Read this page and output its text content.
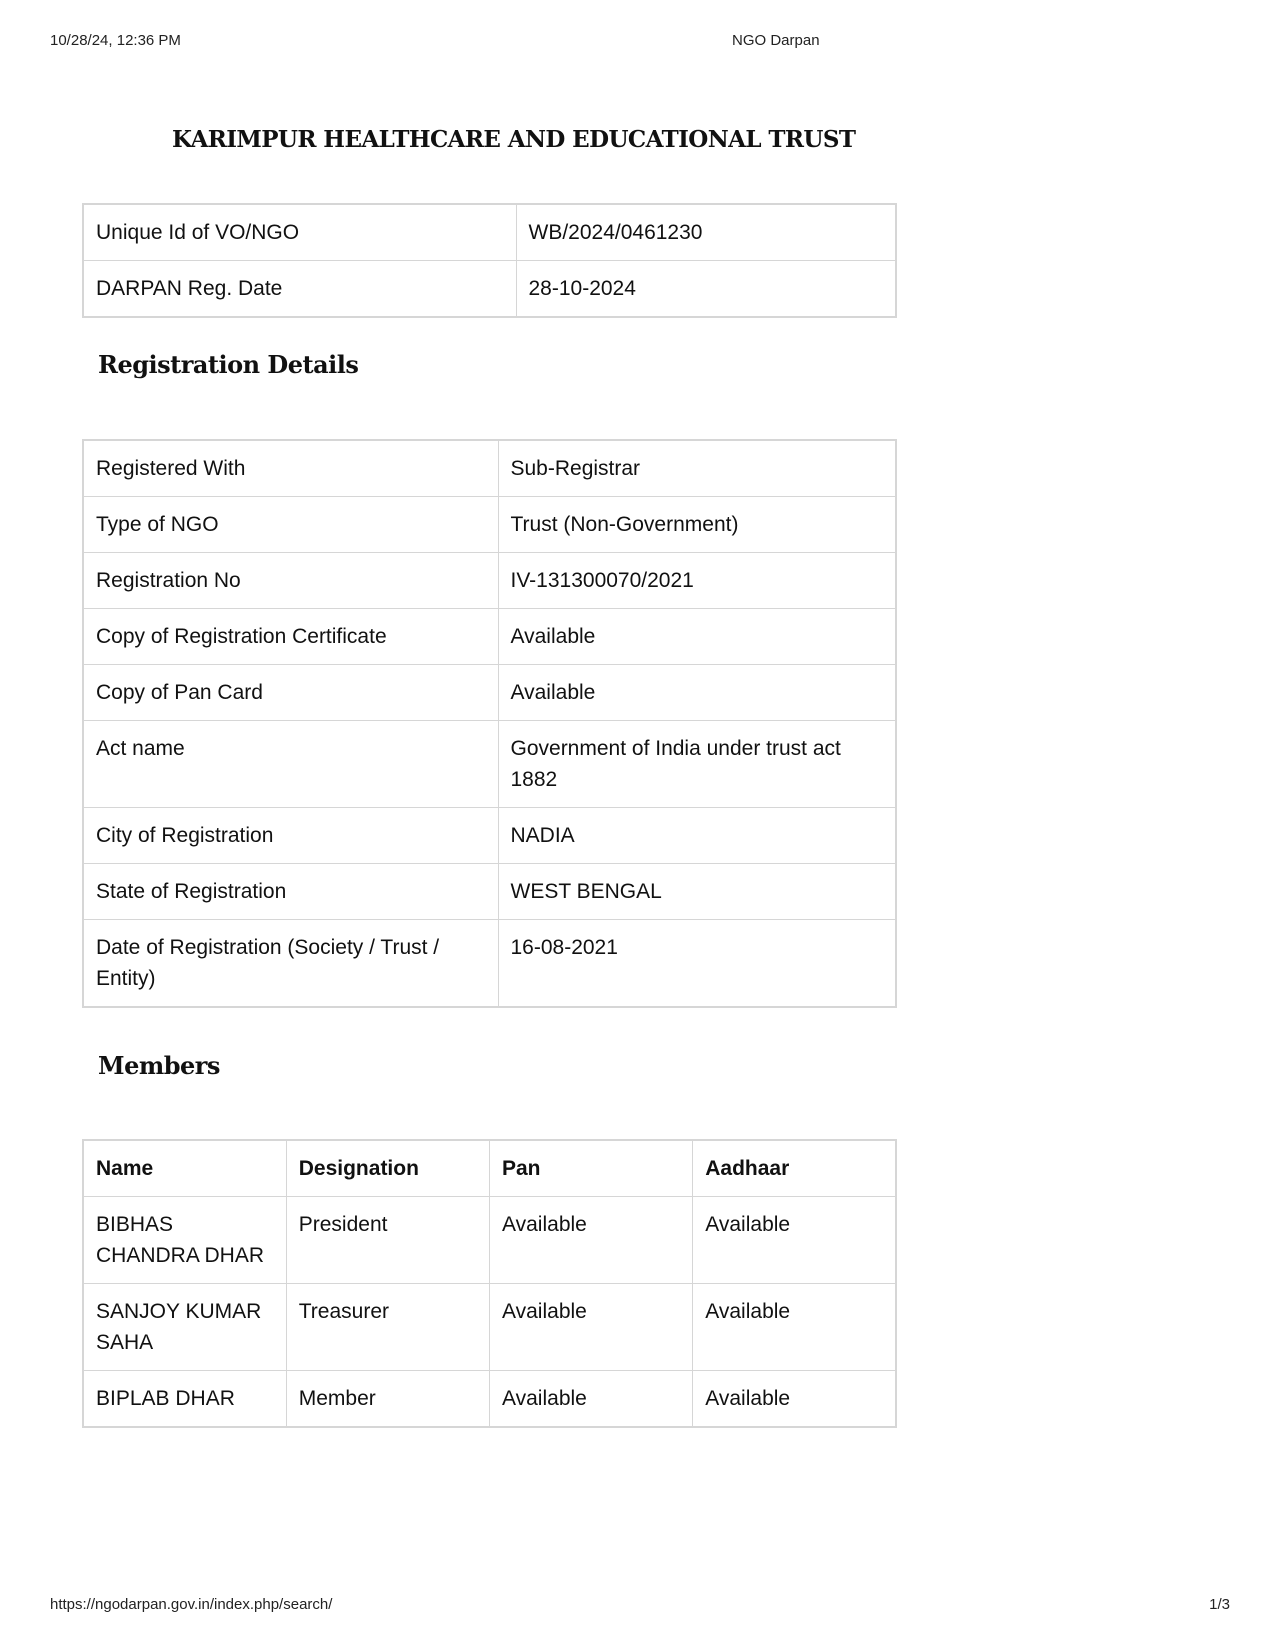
10/28/24, 12:36 PM	NGO Darpan
KARIMPUR HEALTHCARE AND EDUCATIONAL TRUST
Unique Id of VO/NGO	WB/2024/0461230
DARPAN Reg. Date	28-10-2024
Registration Details
Registered With	Sub-Registrar
Type of NGO	Trust (Non-Government)
Registration No	IV-131300070/2021
Copy of Registration Certificate	Available
Copy of Pan Card	Available
Act name	Government of India under trust act 1882
City of Registration	NADIA
State of Registration	WEST BENGAL
Date of Registration (Society / Trust / Entity)	16-08-2021
Members
Name	Designation	Pan	Aadhaar
BIBHAS CHANDRA DHAR	President	Available	Available
SANJOY KUMAR SAHA	Treasurer	Available	Available
BIPLAB DHAR	Member	Available	Available
https://ngodarpan.gov.in/index.php/search/	1/3
